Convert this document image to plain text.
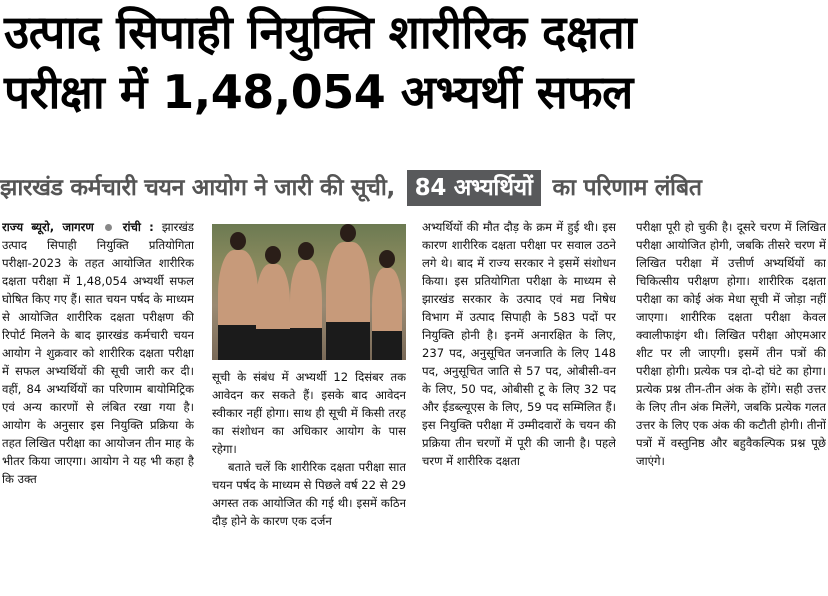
उत्पाद सिपाही नियुक्ति शारीरिक दक्षता
परीक्षा में 1,48,054 अभ्यर्थी सफल
झारखंड कर्मचारी चयन आयोग ने जारी की सूची, 84 अभ्यर्थियों का परिणाम लंबित

राज्य ब्यूरो, जागरण रांची : झारखंड उत्पाद सिपाही नियुक्ति प्रतियोगिता परीक्षा-2023 के तहत आयोजित शारीरिक दक्षता परीक्षा में 1,48,054 अभ्यर्थी सफल घोषित किए गए हैं। सात चयन पर्षद के माध्यम से आयोजित शारीरिक दक्षता परीक्षण की रिपोर्ट मिलने के बाद झारखंड कर्मचारी चयन आयोग ने शुक्रवार को शारीरिक दक्षता परीक्षा में सफल अभ्यर्थियों की सूची जारी कर दी। वहीं, 84 अभ्यर्थियों का परिणाम बायोमिट्रिक एवं अन्य कारणों से लंबित रखा गया है। आयोग के अनुसार इस नियुक्ति प्रक्रिया के तहत लिखित परीक्षा का आयोजन तीन माह के भीतर किया जाएगा। आयोग ने यह भी कहा है कि उक्त

सूची के संबंध में अभ्यर्थी 12 दिसंबर तक आवेदन कर सकते हैं। इसके बाद आवेदन स्वीकार नहीं होगा। साथ ही सूची में किसी तरह का संशोधन का अधिकार आयोग के पास रहेगा।

बताते चलें कि शारीरिक दक्षता परीक्षा सात चयन पर्षद के माध्यम से पिछले वर्ष 22 से 29 अगस्त तक आयोजित की गई थी। इसमें कठिन दौड़ होने के कारण एक दर्जन

अभ्यर्थियों की मौत दौड़ के क्रम में हुई थी। इस कारण शारीरिक दक्षता परीक्षा पर सवाल उठने लगे थे। बाद में राज्य सरकार ने इसमें संशोधन किया। इस प्रतियोगिता परीक्षा के माध्यम से झारखंड सरकार के उत्पाद एवं मद्य निषेध विभाग में उत्पाद सिपाही के 583 पदों पर नियुक्ति होनी है। इनमें अनारक्षित के लिए, 237 पद, अनुसूचित जनजाति के लिए 148 पद, अनुसूचित जाति से 57 पद, ओबीसी-वन के लिए, 50 पद, ओबीसी टू के लिए 32 पद और ईडब्ल्यूएस के लिए, 59 पद सम्मिलित हैं। इस नियुक्ति परीक्षा में उम्मीदवारों के चयन की प्रक्रिया तीन चरणों में पूरी की जानी है। पहले चरण में शारीरिक दक्षता

परीक्षा पूरी हो चुकी है। दूसरे चरण में लिखित परीक्षा आयोजित होगी, जबकि तीसरे चरण में लिखित परीक्षा में उत्तीर्ण अभ्यर्थियों का चिकित्सीय परीक्षण होगा। शारीरिक दक्षता परीक्षा का कोई अंक मेधा सूची में जोड़ा नहीं जाएगा। शारीरिक दक्षता परीक्षा केवल क्वालीफाइंग थी। लिखित परीक्षा ओएमआर शीट पर ली जाएगी। इसमें तीन पत्रों की परीक्षा होगी। प्रत्येक पत्र दो-दो घंटे का होगा। प्रत्येक प्रश्न तीन-तीन अंक के होंगे। सही उत्तर के लिए तीन अंक मिलेंगे, जबकि प्रत्येक गलत उत्तर के लिए एक अंक की कटौती होगी। तीनों पत्रों में वस्तुनिष्ठ और बहुवैकल्पिक प्रश्न पूछे जाएंगे।
